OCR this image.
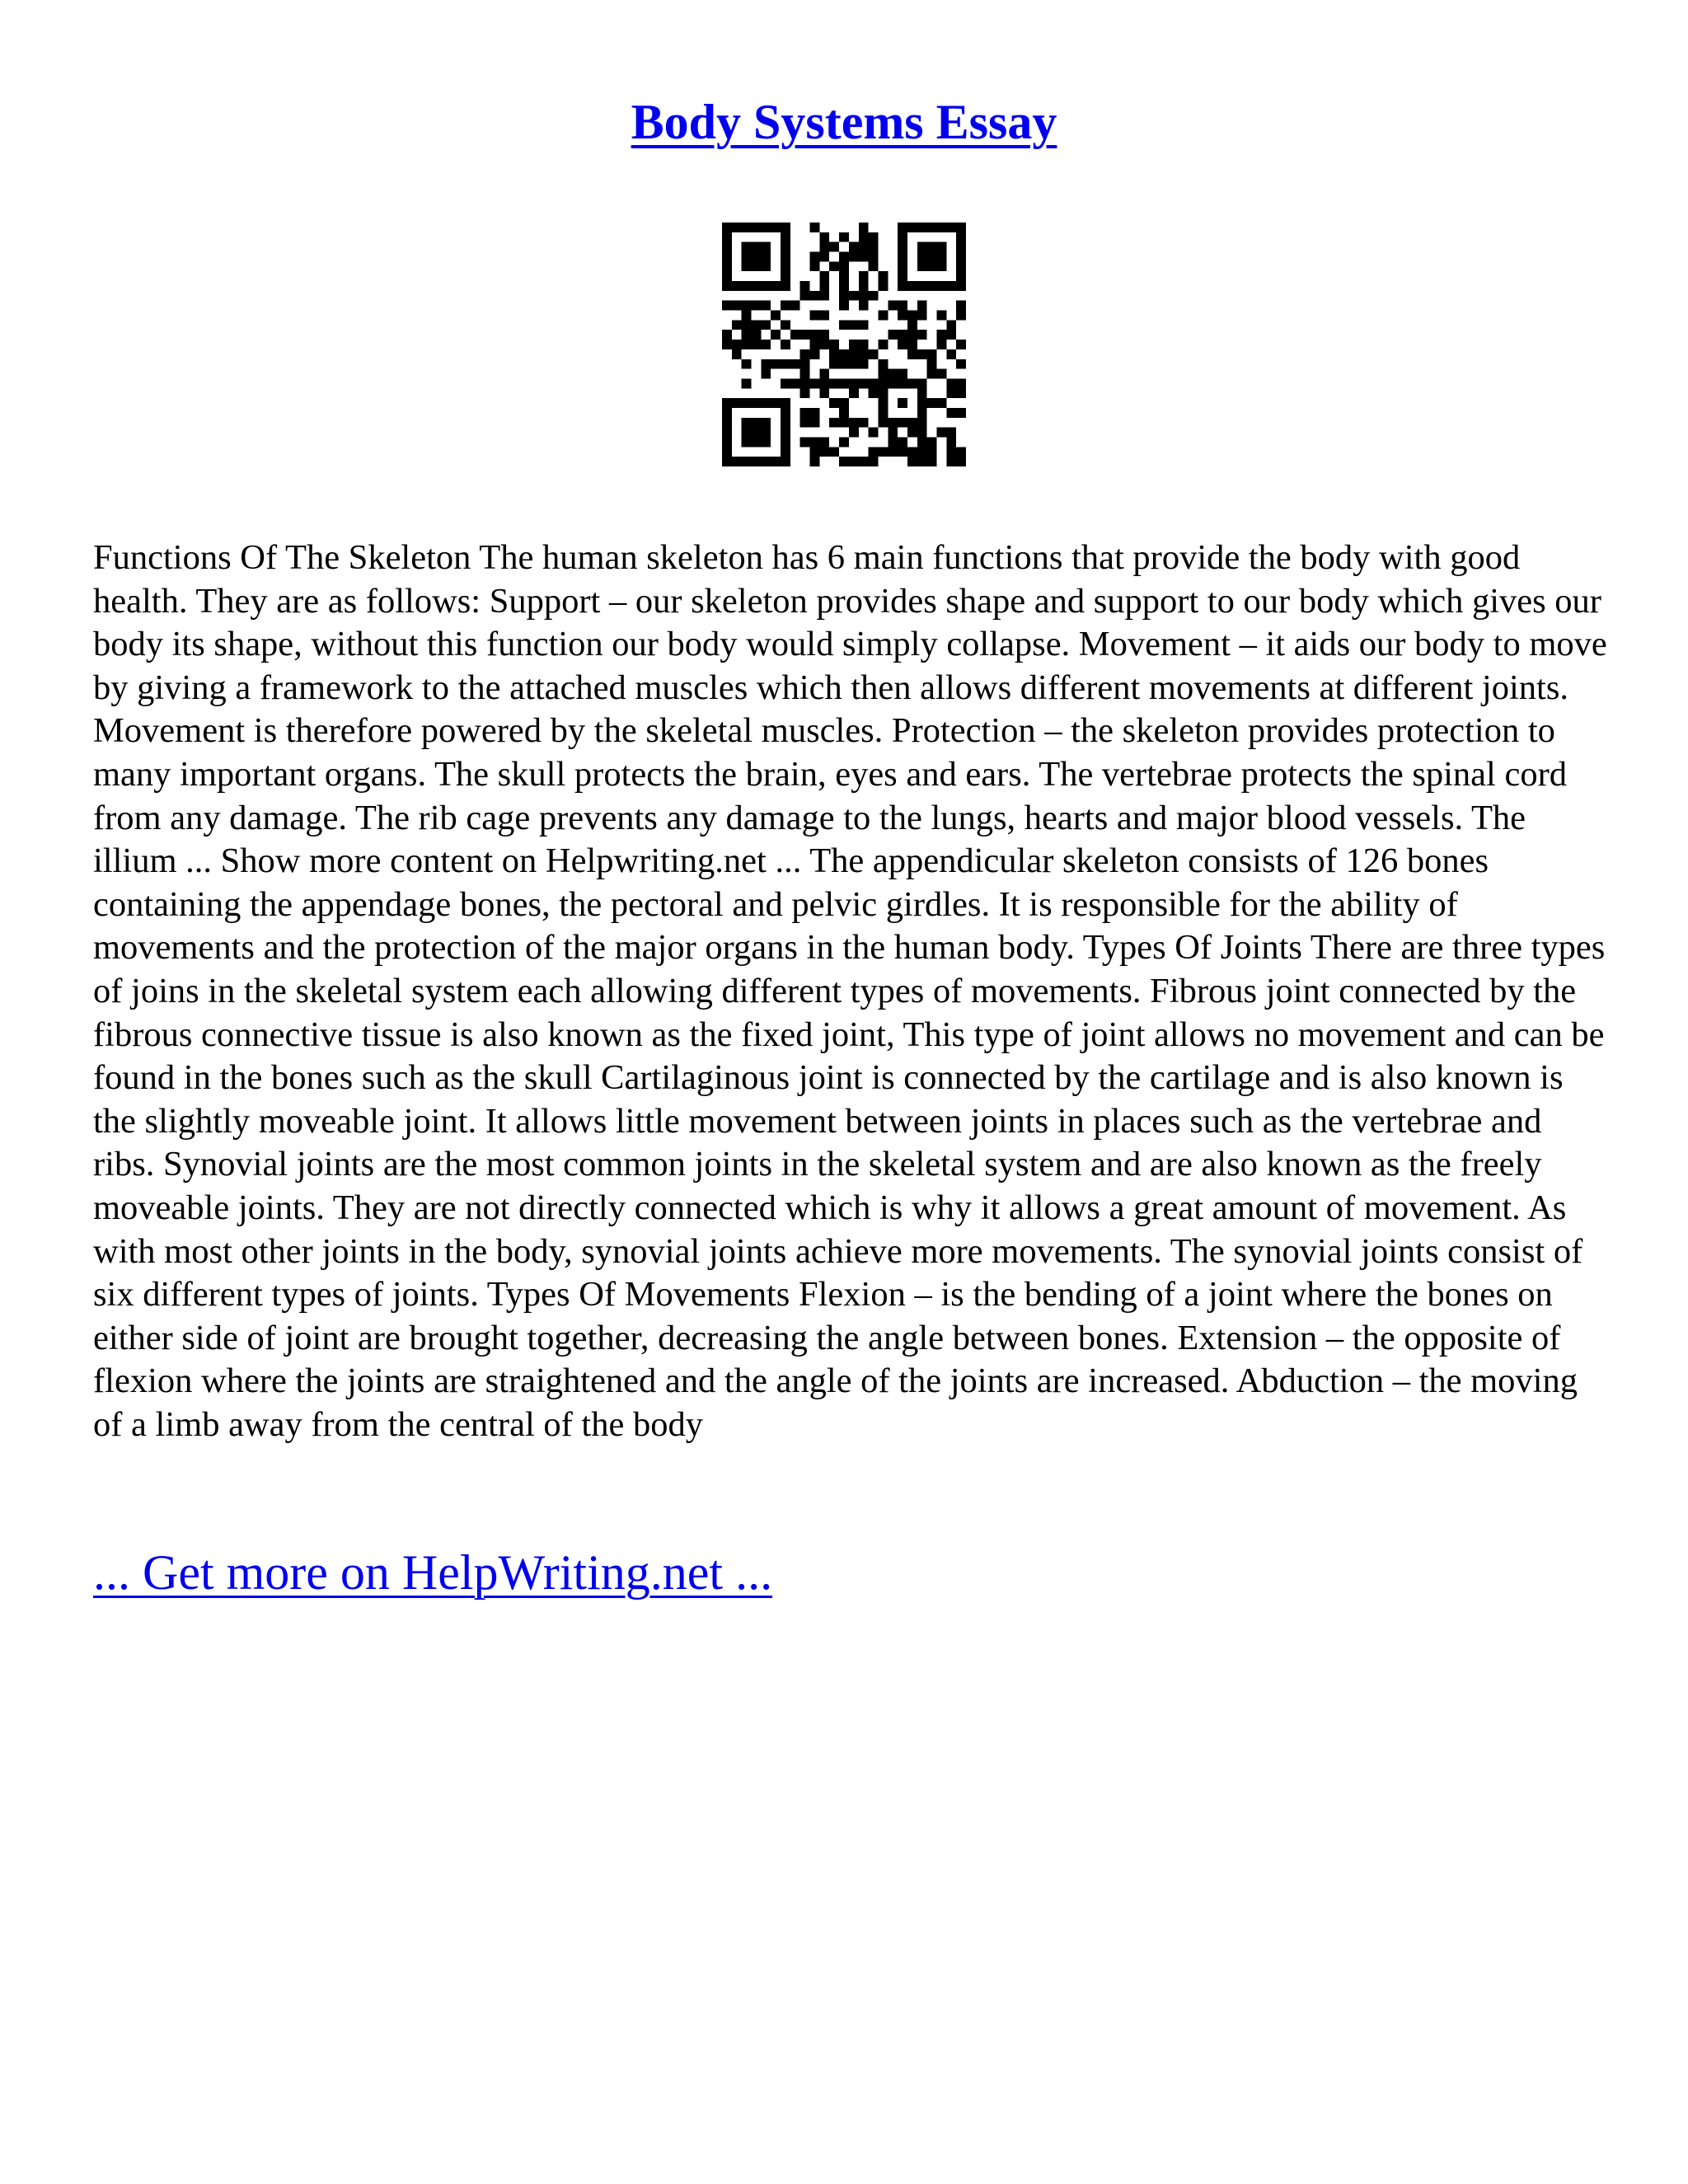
Body Systems Essay

Functions Of The Skeleton The human skeleton has 6 main functions that provide the body with good health. They are as follows: Support – our skeleton provides shape and support to our body which gives our body its shape, without this function our body would simply collapse. Movement – it aids our body to move by giving a framework to the attached muscles which then allows different movements at different joints. Movement is therefore powered by the skeletal muscles. Protection – the skeleton provides protection to many important organs. The skull protects the brain, eyes and ears. The vertebrae protects the spinal cord from any damage. The rib cage prevents any damage to the lungs, hearts and major blood vessels. The illium ... Show more content on Helpwriting.net ... The appendicular skeleton consists of 126 bones containing the appendage bones, the pectoral and pelvic girdles. It is responsible for the ability of movements and the protection of the major organs in the human body. Types Of Joints There are three types of joins in the skeletal system each allowing different types of movements. Fibrous joint connected by the fibrous connective tissue is also known as the fixed joint, This type of joint allows no movement and can be found in the bones such as the skull Cartilaginous joint is connected by the cartilage and is also known is the slightly moveable joint. It allows little movement between joints in places such as the vertebrae and ribs. Synovial joints are the most common joints in the skeletal system and are also known as the freely moveable joints. They are not directly connected which is why it allows a great amount of movement. As with most other joints in the body, synovial joints achieve more movements. The synovial joints consist of six different types of joints. Types Of Movements Flexion – is the bending of a joint where the bones on either side of joint are brought together, decreasing the angle between bones. Extension – the opposite of flexion where the joints are straightened and the angle of the joints are increased. Abduction – the moving of a limb away from the central of the body

... Get more on HelpWriting.net ...
